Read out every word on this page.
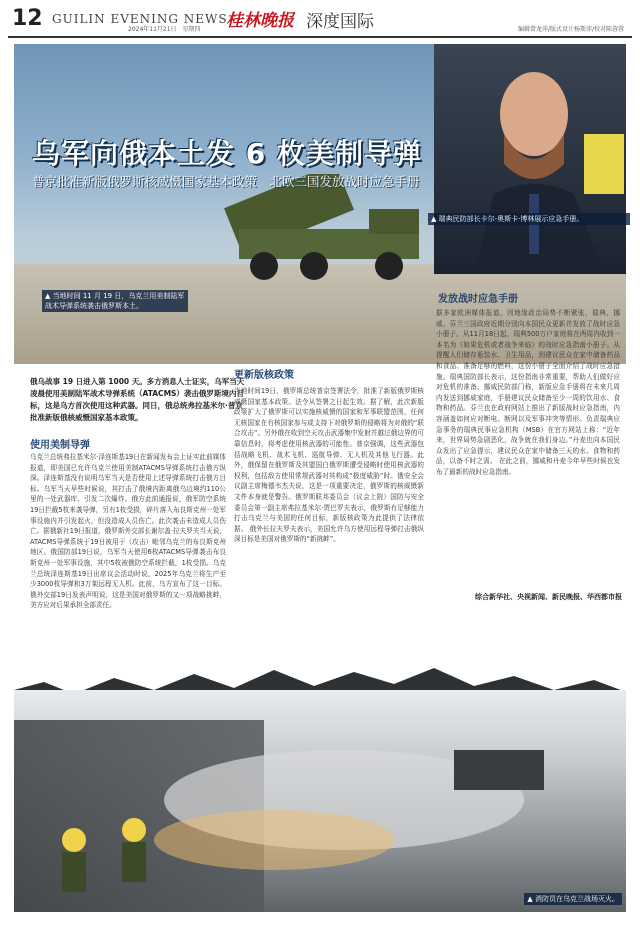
12 GUILIN EVENING NEWS
2024年11月21日　星期四 桂林晚报 深度国际	编辑曾龙萍/版式设计杨斯沛/校对陈蓉蓉
乌军向俄本土发 6 枚美制导弹
普京批准新版俄罗斯核威慑国家基本政策　北欧三国发放战时应急手册
▲ 当地时间 11 月 19 日，乌克兰用美制陆军战术导弹系统袭击俄罗斯本土。
▲ 瑞典民防部长卡尔-奥斯卡·博林展示应急手册。
俄乌战事 19 日进入第 1000 天。多方消息人士证实，乌军当天凌晨使用美制陆军战术导弹系统（ATACMS）袭击俄罗斯境内目标，这是乌方首次使用这种武器。同日，俄总统弗拉基米尔·普京批准新版俄核威慑国家基本政策。
使用美制导弹
乌克兰总统弗拉基米尔·泽连斯基19日在新闻发布会上证实此前媒体报道，即美国已允许乌克兰使用美制ATACMS导弹系统打击俄方纵深。泽连斯基没有说明乌军当天是否使用上述导弹系统打击俄方目标。乌军当天早些时候说，其打击了俄境内距离俄乌边境约110公里的一处武器库，引发二次爆炸。俄方此前通报说，俄军防空系统19日拦截5枚来袭导弹，另有1枚受损，碎片落入布良斯克州一处军事设施内并引发起火，但没造成人员伤亡。此次袭击未造成人员伤亡。据俄新社19日报道，俄罗斯外交部长谢尔盖·拉夫罗夫当天说，ATACMS导弹系统于19日被用于（攻击）毗邻乌克兰的布良斯克州地区。俄国防部19日说，乌军当天使用6枚ATACMS导弹袭击布良斯克州一处军事设施，其中5枚被俄防空系统拦截，1枚受损。乌克兰总统泽连斯基19日出席议会活动时说，2025年乌克兰将生产至少3000枚导弹和3万架远程无人机。此前，乌方宣布了这一目标。 俄外交部19日发表声明说，这是美国对俄罗斯的又一项战略挑衅，美方应对后果承担全部责任。
更新版核政策
当地时间19日，俄罗斯总统普京签署法令，批准了新版俄罗斯核威慑国家基本政策。法令从签署之日起生效。据了解，此次新版政策扩大了俄罗斯可以实施核威慑的国家和军事联盟范围，任何无核国家在有核国家参与或支持下对俄罗斯的侵略将为对俄的“联合攻击”。另外俄在收到空天攻击武器集中发射并越过俄边界的可靠信息时，将考虑使用核武器的可能性。普京强调，这些武器包括战略飞机、战术飞机、巡航导弹、无人机及其他飞行器。此外，俄保留在俄罗斯及其盟国白俄罗斯遭受侵略时使用核武器的权利，包括敌方使用常规武器对其构成“极度威胁”时。俄安全会议副主席梅德韦杰夫说，这是一项重要决定，俄罗斯的核威慑新文件本身就是警告。俄罗斯联邦委员会（议会上院）国防与安全委员会第一副主席弗拉基米尔·贾巴罗夫表示，俄罗斯有足够能力打击乌克兰与美国的任何目标，新版核政策为此提供了法律依据。 俄外长拉夫罗夫表示，美国允许乌方使用远程导弹打击俄纵深目标是美国对俄罗斯的“新挑衅”。
发放战时应急手册
据多家欧洲媒体报道，因地缘政治局势不断紧张，瑞典、挪威、芬兰三国政府近期分别向本国民众更新并发放了战时应急小册子。从11月18日起，瑞典500万户家庭将在两周内收到一本名为《如果危机或者战争来临》的战时应急指南小册子。从提醒人们储存瓶装水、卫生用品，到建议民众在家中储备药品和食品、准备足够的燃料，这份小册子全面介绍了战时应急措施。瑞典国防部长表示，这份指南非常重要，帮助人们做好应对危机的准备。挪威民防部门称，新版应急手册将在未来几周内发送到挪威家庭，手册建议民众储备至少一周的饮用水、食物和药品。芬兰也在政府网站上推出了新版战时应急指南，内容涵盖如何应对断电、断网以及军事冲突等情形。负责瑞典应急事务的瑞典民事应急机构（MSB）在官方网站上称：“近年来，世界局势急剧恶化，战争就在我们身边。”丹麦也向本国民众发出了应急提示，建议民众在家中储备三天的水、食物和药品，以备不时之需。 在此之前，挪威和丹麦今年早些时候也发布了最新的战时应急指南。
综合新华社、央视新闻、新民晚报、华西都市报
▲ 消防员在乌克兰战场灭火。
